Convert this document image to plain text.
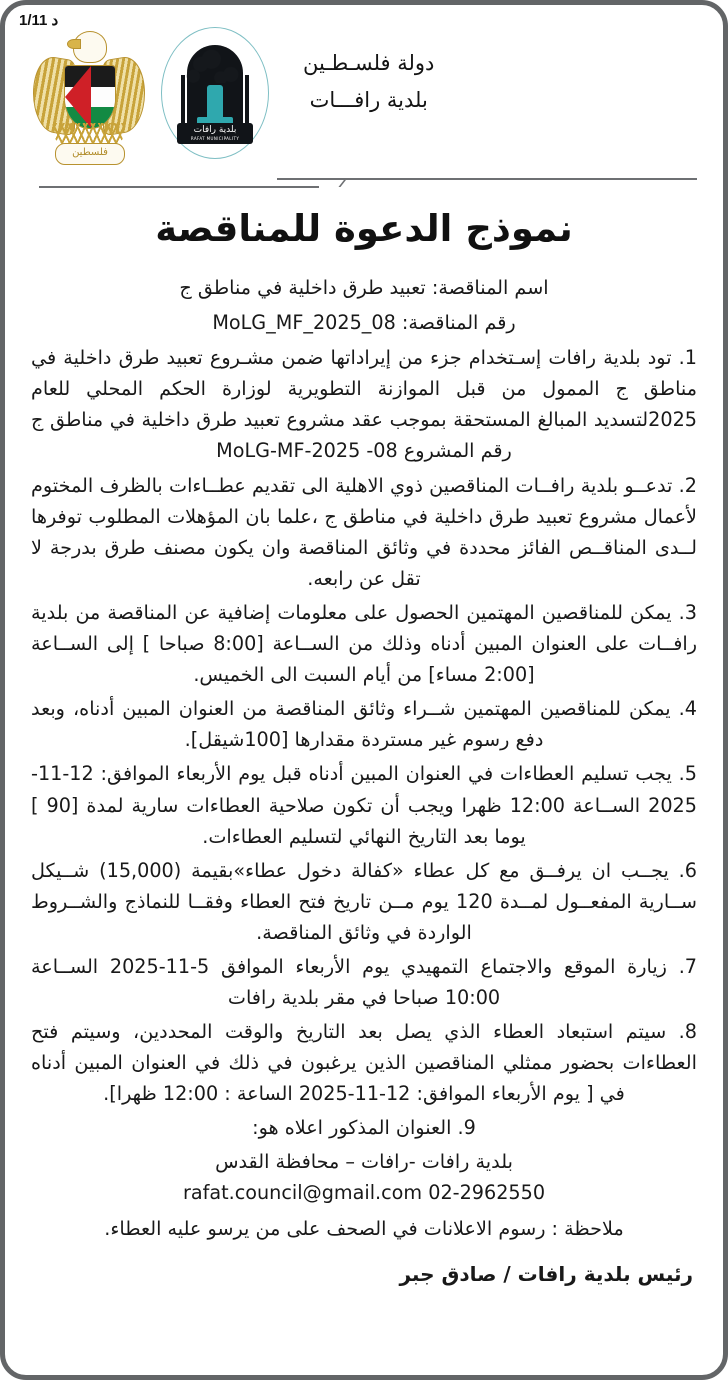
1/11 د
بلدية رافات
RAFAT MUNICIPALITY
فلسطين
دولة فلسـطـين
بلدية رافـــات
نموذج الدعوة للمناقصة
اسم المناقصة: تعبيد طرق داخلية في مناطق ج
رقم المناقصة: MoLG_MF_2025_08

1. تود بلدية رافات إسـتخدام جزء من إيراداتها ضمن مشـروع تعبيد طرق داخلية في مناطق ج الممول من قبل الموازنة التطويرية لوزارة الحكم المحلي للعام 2025لتسديد المبالغ المستحقة بموجب عقد مشروع تعبيد طرق داخلية في مناطق ج رقم المشروع MoLG-MF-2025 -08

2. تدعــو بلدية رافــات المناقصين ذوي الاهلية الى تقديم عطــاءات بالظرف المختوم لأعمال مشروع تعبيد طرق داخلية في مناطق ج ،علما بان المؤهلات المطلوب توفرها لــدى المناقــص الفائز محددة في وثائق المناقصة وان يكون مصنف طرق بدرجة لا تقل عن رابعه.

3. يمكن للمناقصين المهتمين الحصول على معلومات إضافية عن المناقصة من بلدية رافــات على العنوان المبين أدناه وذلك من الســاعة [8:00 صباحا ] إلى الســاعة [2:00 مساء] من أيام السبت الى الخميس.

4. يمكن للمناقصين المهتمين شــراء وثائق المناقصة من العنوان المبين أدناه، وبعد دفع رسوم غير مستردة مقدارها [100شيقل].

5. يجب تسليم العطاءات في العنوان المبين أدناه قبل يوم الأربعاء الموافق: 12-11-2025 الســاعة 12:00 ظهرا ويجب أن تكون صلاحية العطاءات سارية لمدة [90 ] يوما بعد التاريخ النهائي لتسليم العطاءات.

6. يجــب ان يرفــق مع كل عطاء «كفالة دخول عطاء»بقيمة (15,000) شــيكل ســارية المفعــول لمــدة 120 يوم مــن تاريخ فتح العطاء وفقــا للنماذج والشــروط الواردة في وثائق المناقصة.

7. زيارة الموقع والاجتماع التمهيدي يوم الأربعاء الموافق 5-11-2025 الســاعة 10:00 صباحا في مقر بلدية رافات

8. سيتم استبعاد العطاء الذي يصل بعد التاريخ والوقت المحددين، وسيتم فتح العطاءات بحضور ممثلي المناقصين الذين يرغبون في ذلك في العنوان المبين أدناه في [ يوم الأربعاء الموافق: 12-11-2025 الساعة : 12:00 ظهرا].

9. العنوان المذكور اعلاه هو:

بلدية رافات -رافات – محافظة القدس
02-2962550 rafat.council@gmail.com
ملاحظة : رسوم الاعلانات في الصحف على من يرسو عليه العطاء.
رئيس بلدية رافات / صادق جبر
